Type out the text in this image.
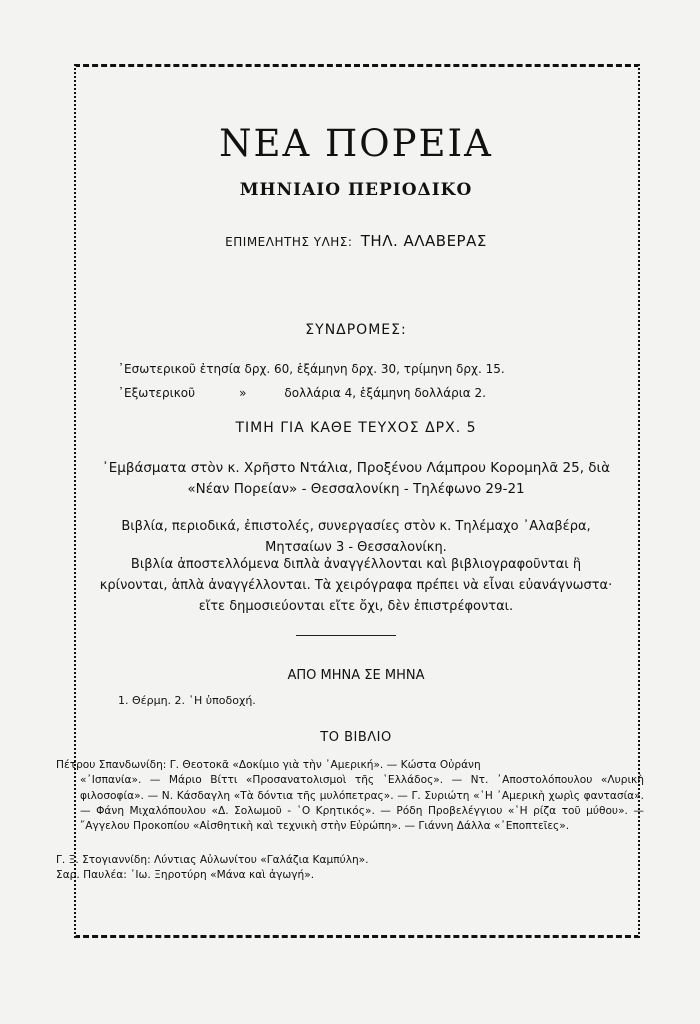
ΝΕΑ ΠΟΡΕΙΑ
ΜΗΝΙΑΙΟ ΠΕΡΙΟΔΙΚΟ
ΕΠΙΜΕΛΗΤΗΣ ΥΛΗΣ: ΤΗΛ. ΑΛΑΒΕΡΑΣ
ΣΥΝΔΡΟΜΕΣ:
᾿Εσωτερικοῦ ἐτησία δρχ. 60, ἑξάμηνη δρχ. 30, τρίμηνη δρχ. 15.
᾿Εξωτερικοῦ	»	δολλάρια 4, ἑξάμηνη δολλάρια 2.
ΤΙΜΗ ΓΙΑ ΚΑΘΕ ΤΕΥΧΟΣ ΔΡΧ. 5

᾿Εμβάσματα στὸν κ. Χρῆστο Ντάλια, Προξένου Λάμπρου Κορομηλᾶ 25, διὰ «Νέαν Πορείαν» - Θεσσαλονίκη - Τηλέφωνο 29-21

Βιβλία, περιοδικά, ἐπιστολές, συνεργασίες στὸν κ. Τηλέμαχο ᾿Αλαβέρα, Μητσαίων 3 - Θεσσαλονίκη.

Βιβλία ἀποστελλόμενα διπλὰ ἀναγγέλλονται καὶ βιβλιογραφοῦνται ἢ κρίνονται, ἁπλὰ ἀναγγέλλονται. Τὰ χειρόγραφα πρέπει νὰ εἶναι εὐανάγνωστα· εἴτε δημοσιεύονται εἴτε ὄχι, δὲν ἐπιστρέφονται.

ΑΠΟ ΜΗΝΑ ΣΕ ΜΗΝΑ
1. Θέρμη. 2. ῾Η ὑποδοχή.
ΤΟ ΒΙΒΛΙΟ

Πέτρου Σπανδωνίδη: Γ. Θεοτοκᾶ «Δοκίμιο γιὰ τὴν ᾿Αμερική». — Κώστα Οὐράνη
«᾿Ισπανία». — Μάριο Βίττι «Προσανατολισμοὶ τῆς ῾Ελλάδος». — Ντ. ᾿Αποστολόπουλου «Λυρικὴ φιλοσοφία». — Ν. Κάσδαγλη «Τὰ δόντια τῆς μυλόπετρας». — Γ. Συριώτη «῾Η ᾿Αμερικὴ χωρὶς φαντασία». — Φάνη Μιχαλόπουλου «Δ. Σολωμοῦ - ῾Ο Κρητικός». — Ρόδη Προβελέγγιου «῾Η ρίζα τοῦ μύθου». — ῎Αγγελου Προκοπίου «Αἰσθητικὴ καὶ τεχνικὴ στὴν Εὐρώπη». — Γιάννη Δάλλα «᾿Εποπτεῖες».

Γ. Ξ. Στογιαννίδη: Λύντιας Αὐλωνίτου «Γαλάζια Καμπύλη».

Σαρ. Παυλέα: ᾿Ιω. Ξηροτύρη «Μάνα καὶ ἀγωγή».
